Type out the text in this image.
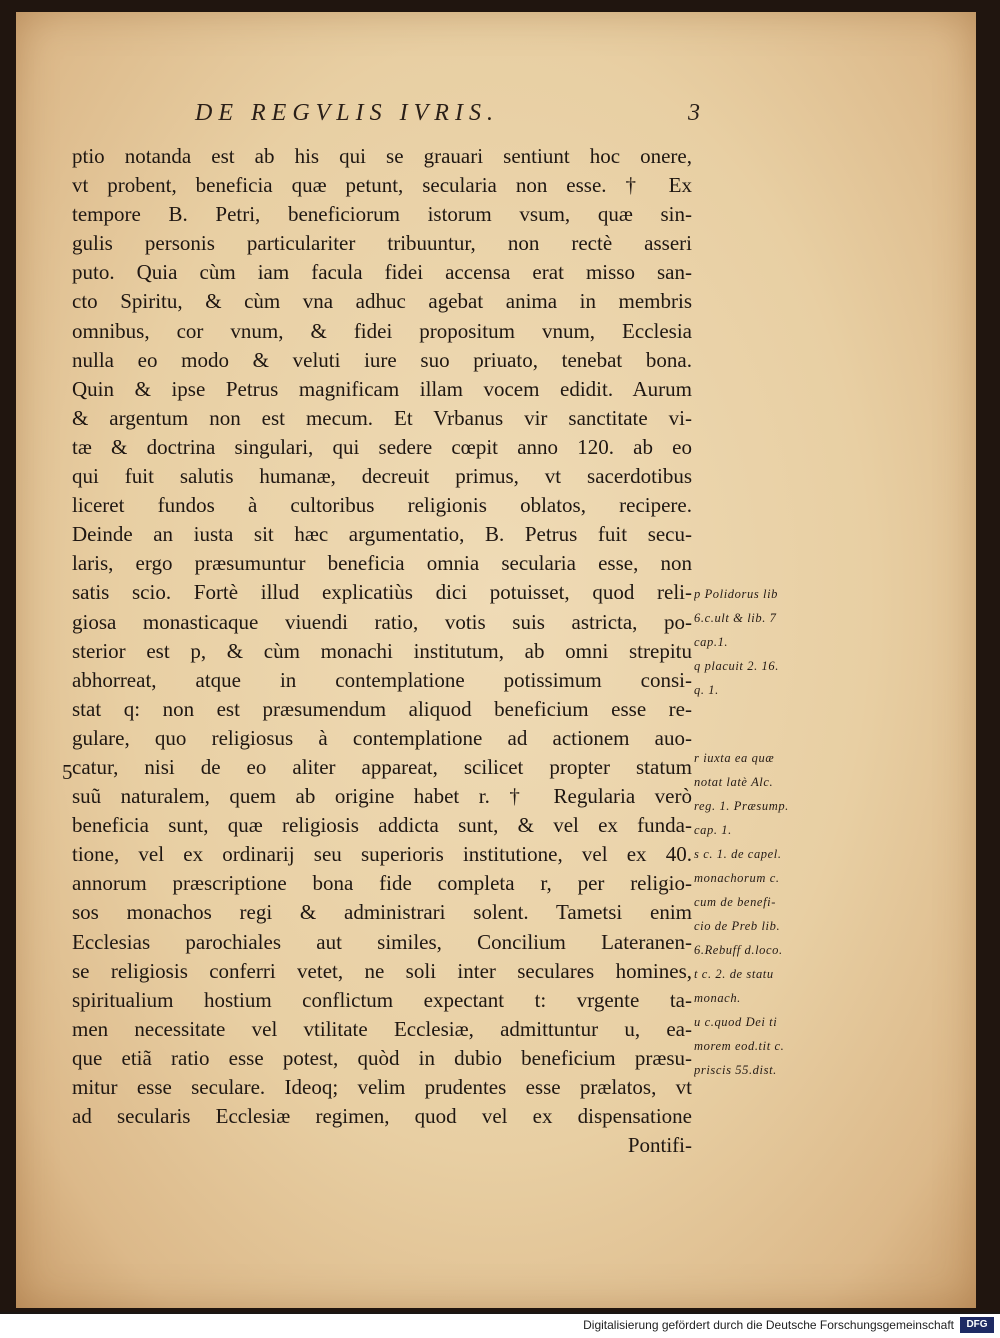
DE REGVLIS IVRIS.	3
5
ptio notanda est ab his qui se grauari sentiunt hoc onere,
vt probent, beneficia quæ petunt, secularia non esse. † Ex
tempore B. Petri, beneficiorum istorum vsum, quæ sin-
gulis personis particulariter tribuuntur, non rectè asseri
puto. Quia cùm iam facula fidei accensa erat misso san-
cto Spiritu, & cùm vna adhuc agebat anima in membris
omnibus, cor vnum, & fidei propositum vnum, Ecclesia
nulla eo modo & veluti iure suo priuato, tenebat bona.
Quin & ipse Petrus magnificam illam vocem edidit. Aurum
& argentum non est mecum. Et Vrbanus vir sanctitate vi-
tæ & doctrina singulari, qui sedere cœpit anno 120. ab eo
qui fuit salutis humanæ, decreuit primus, vt sacerdotibus
liceret fundos à cultoribus religionis oblatos, recipere.
Deinde an iusta sit hæc argumentatio, B. Petrus fuit secu-
laris, ergo præsumuntur beneficia omnia secularia esse, non
satis scio. Fortè illud explicatiùs dici potuisset, quod reli-
giosa monasticaque viuendi ratio, votis suis astricta, po-
sterior est p, & cùm monachi institutum, ab omni strepitu
abhorreat, atque in contemplatione potissimum consi-
stat q: non est præsumendum aliquod beneficium esse re-
gulare, quo religiosus à contemplatione ad actionem auo-
catur, nisi de eo aliter appareat, scilicet propter statum
suũ naturalem, quem ab origine habet r. † Regularia verò
beneficia sunt, quæ religiosis addicta sunt, & vel ex funda-
tione, vel ex ordinarij seu superioris institutione, vel ex 40.
annorum præscriptione bona fide completa r, per religio-
sos monachos regi & administrari solent. Tametsi enim
Ecclesias parochiales aut similes, Concilium Lateranen-
se religiosis conferri vetet, ne soli inter seculares homines,
spiritualium hostium conflictum expectant t: vrgente ta-
men necessitate vel vtilitate Ecclesiæ, admittuntur u, ea-
que etiã ratio esse potest, quòd in dubio beneficium præsu-
mitur esse seculare. Ideoq; velim prudentes esse prælatos, vt
ad secularis Ecclesiæ regimen, quod vel ex dispensatione
Pontifi-
p Polidorus lib
6.c.ult & lib. 7
cap.1.
q placuit 2. 16.
q. 1.
r iuxta ea quæ
notat latè Alc.
reg. 1. Præsump.
cap. 1.
s c. 1. de capel.
monachorum c.
cum de benefi-
cio de Preb lib.
6.Rebuff d.loco.
t c. 2. de statu
monach.
u c.quod Dei ti
morem eod.tit c.
priscis 55.dist.
Digitalisierung gefördert durch die Deutsche Forschungsgemeinschaft	DFG
